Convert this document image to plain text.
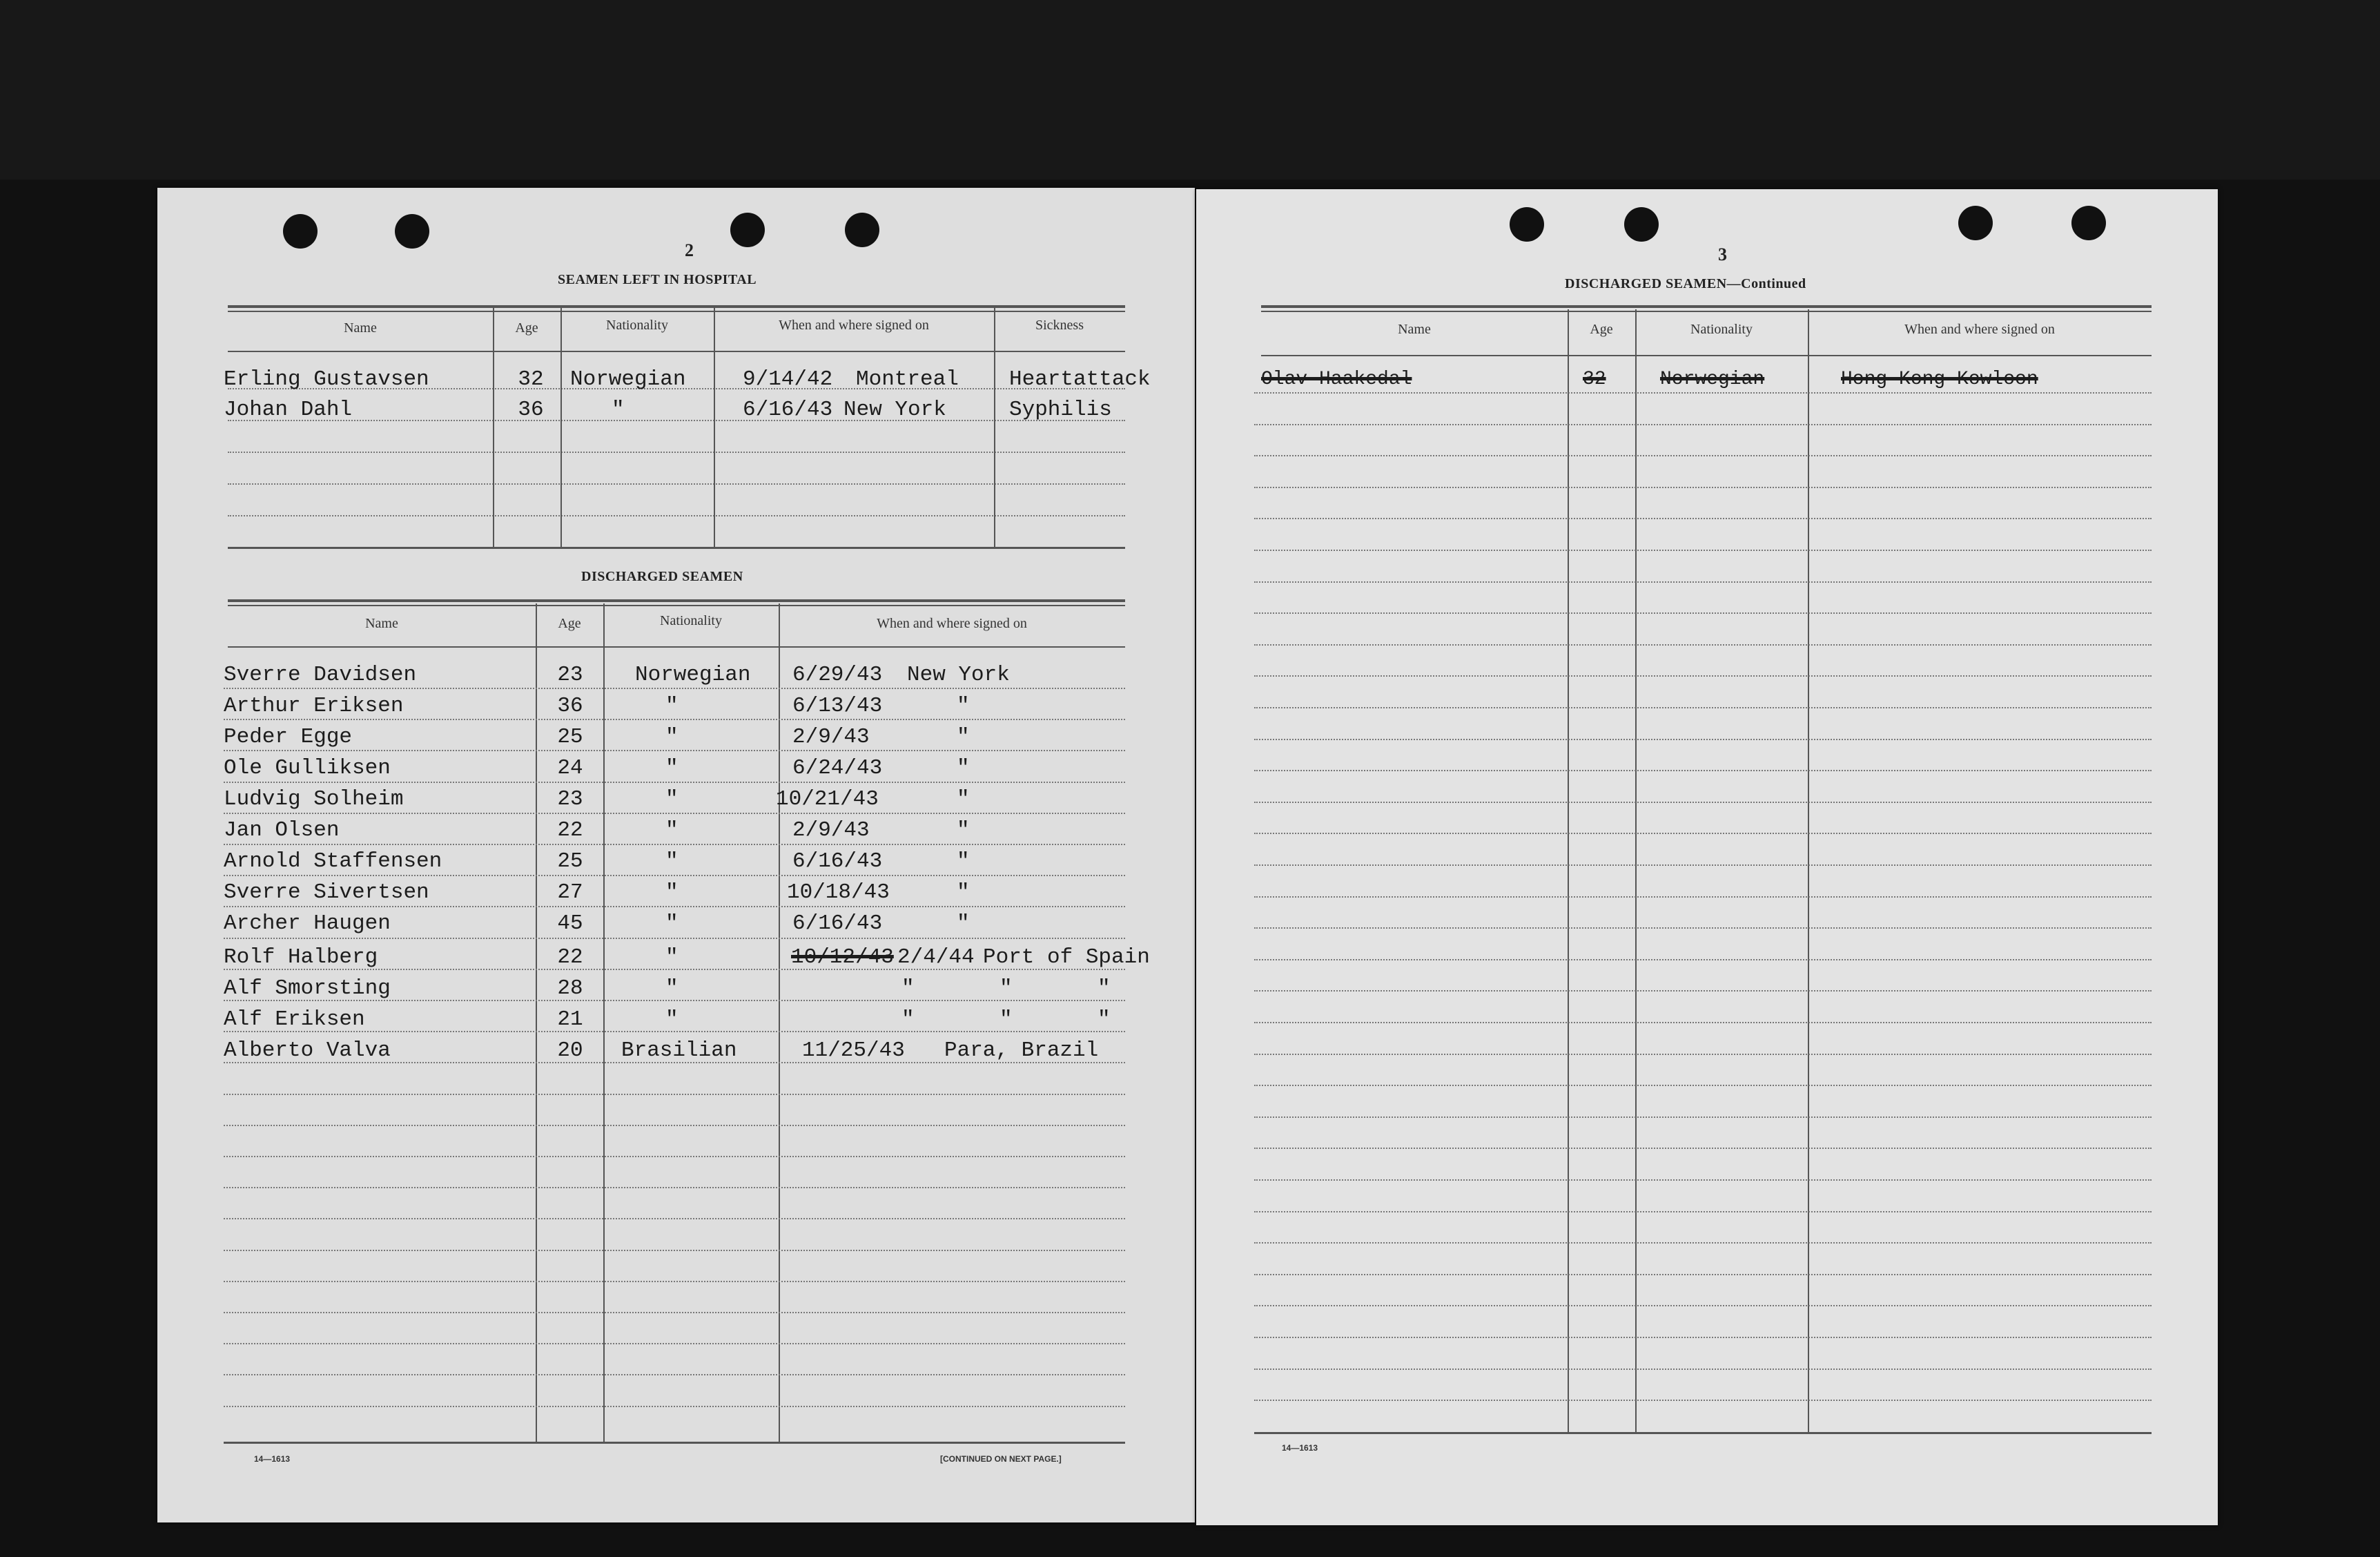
2
SEAMEN LEFT IN HOSPITAL
Name	Age	Nationality	When and where signed on	Sickness
Erling Gustavsen	32	Norwegian	9/14/42 Montreal Heartattack
Johan Dahl	36	"	6/16/43 New York	Syphilis
DISCHARGED SEAMEN
Name	Age	Nationality	When and where signed on
Sverre Davidsen	23	Norwegian 6/29/43 New York
Arthur Eriksen	36	"	6/13/43	"
Peder Egge	25	"	2/9/43	"
Ole Gulliksen	24	"	6/24/43	"
Ludvig Solheim	23	"	10/21/43	"
Jan Olsen	22	"	2/9/43	"
Arnold Staffensen	25	"	6/16/43	"
Sverre Sivertsen	27	"	10/18/43	"
Archer Haugen	45	"	6/16/43	"
Rolf Halberg	22	"	10/12/43 2/4/44 Port of Spain
Alf Smorsting	28	"	"	"	"
Alf Eriksen	21	"	"	"	"
Alberto Valva	20	Brasilian	11/25/43 Para, Brazil
14—1613	[CONTINUED ON NEXT PAGE.]
3
DISCHARGED SEAMEN—Continued
Name	Age	Nationality	When and where signed on
Olav Haakedal	32	Norwegian	Hong Kong Kowloon
14—1613
